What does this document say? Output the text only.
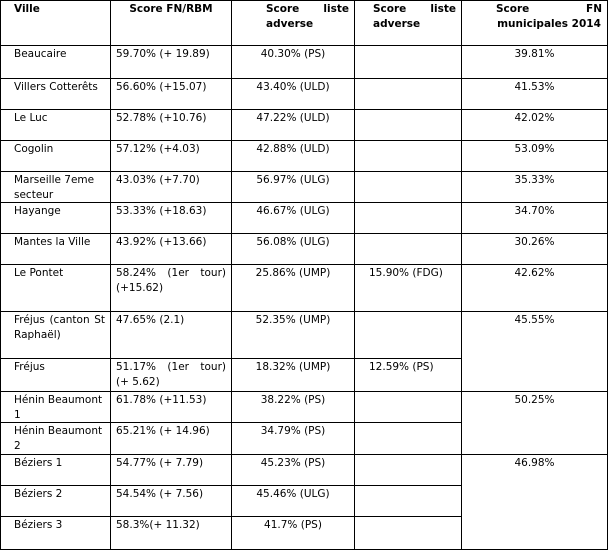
Ville	Score FN/RBM	Score liste adverse	Score liste adverse	Score FN municipales 2014
Beaucaire	59.70% (+ 19.89)	40.30% (PS)		39.81%
Villers Cotterêts	56.60% (+15.07)	43.40% (ULD)		41.53%
Le Luc	52.78% (+10.76)	47.22% (ULD)		42.02%
Cogolin	57.12% (+4.03)	42.88% (ULD)		53.09%
Marseille 7eme secteur	43.03% (+7.70)	56.97% (ULG)		35.33%
Hayange	53.33% (+18.63)	46.67% (ULG)		34.70%
Mantes la Ville	43.92% (+13.66)	56.08% (ULG)		30.26%
Le Pontet	58.24% (1er tour) (+15.62)	25.86% (UMP)	15.90% (FDG)	42.62%
Fréjus (canton St Raphaël)	47.65% (2.1)	52.35% (UMP)		45.55%
Fréjus	51.17% (1er tour) (+ 5.62)	18.32% (UMP)	12.59% (PS)	
Hénin Beaumont 1	61.78% (+11.53)	38.22% (PS)		50.25%
Hénin Beaumont 2	65.21% (+ 14.96)	34.79% (PS)		
Béziers 1	54.77% (+ 7.79)	45.23% (PS)		46.98%
Béziers 2	54.54% (+ 7.56)	45.46% (ULG)		
Béziers 3	58.3%(+ 11.32)	41.7% (PS)		
